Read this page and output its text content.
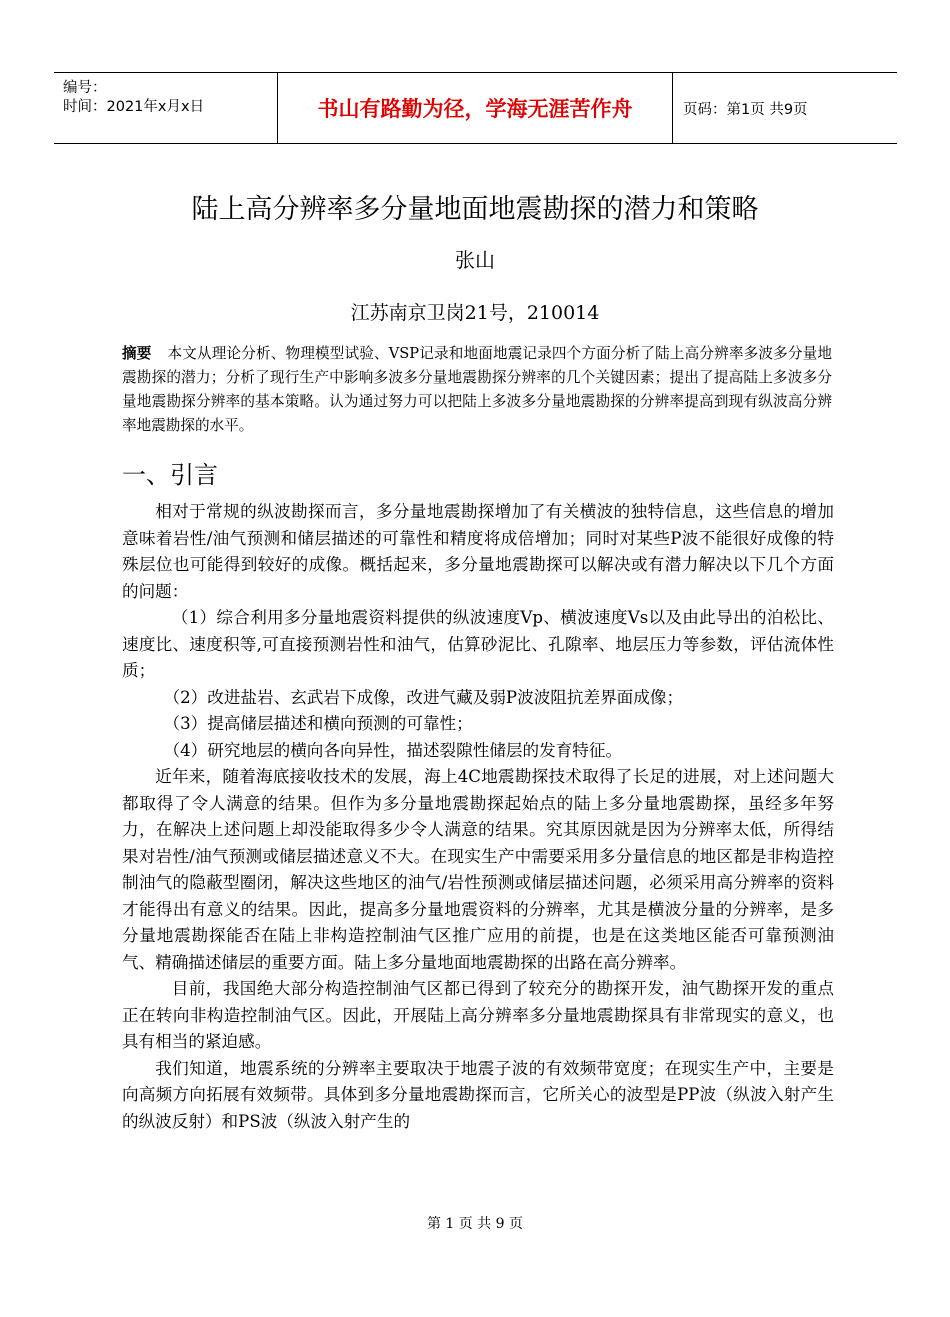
编号：
时间：2021年x月x日	书山有路勤为径，学海无涯苦作舟	页码：第1页 共9页
陆上高分辨率多分量地面地震勘探的潜力和策略
张山
江苏南京卫岗21号，210014
摘要 本文从理论分析、物理模型试验、VSP记录和地面地震记录四个方面分析了陆上高分辨率多波多分量地震勘探的潜力；分析了现行生产中影响多波多分量地震勘探分辨率的几个关键因素；提出了提高陆上多波多分量地震勘探分辨率的基本策略。认为通过努力可以把陆上多波多分量地震勘探的分辨率提高到现有纵波高分辨率地震勘探的水平。
一、引言

相对于常规的纵波勘探而言，多分量地震勘探增加了有关横波的独特信息，这些信息的增加意味着岩性/油气预测和储层描述的可靠性和精度将成倍增加；同时对某些P波不能很好成像的特殊层位也可能得到较好的成像。概括起来，多分量地震勘探可以解决或有潜力解决以下几个方面的问题：

（1）综合利用多分量地震资料提供的纵波速度Vp、横波速度Vs以及由此导出的泊松比、速度比、速度积等,可直接预测岩性和油气，估算砂泥比、孔隙率、地层压力等参数，评估流体性质；

（2）改进盐岩、玄武岩下成像，改进气藏及弱P波波阻抗差界面成像；

（3）提高储层描述和横向预测的可靠性；

（4）研究地层的横向各向异性，描述裂隙性储层的发育特征。

近年来，随着海底接收技术的发展，海上4C地震勘探技术取得了长足的进展，对上述问题大都取得了令人满意的结果。但作为多分量地震勘探起始点的陆上多分量地震勘探，虽经多年努力，在解决上述问题上却没能取得多少令人满意的结果。究其原因就是因为分辨率太低，所得结果对岩性/油气预测或储层描述意义不大。在现实生产中需要采用多分量信息的地区都是非构造控制油气的隐蔽型圈闭，解决这些地区的油气/岩性预测或储层描述问题，必须采用高分辨率的资料才能得出有意义的结果。因此，提高多分量地震资料的分辨率，尤其是横波分量的分辨率，是多分量地震勘探能否在陆上非构造控制油气区推广应用的前提，也是在这类地区能否可靠预测油气、精确描述储层的重要方面。陆上多分量地面地震勘探的出路在高分辨率。

目前，我国绝大部分构造控制油气区都已得到了较充分的勘探开发，油气勘探开发的重点正在转向非构造控制油气区。因此，开展陆上高分辨率多分量地震勘探具有非常现实的意义，也具有相当的紧迫感。

我们知道，地震系统的分辨率主要取决于地震子波的有效频带宽度；在现实生产中，主要是向高频方向拓展有效频带。具体到多分量地震勘探而言，它所关心的波型是PP波（纵波入射产生的纵波反射）和PS波（纵波入射产生的

第 1 页 共 9 页
